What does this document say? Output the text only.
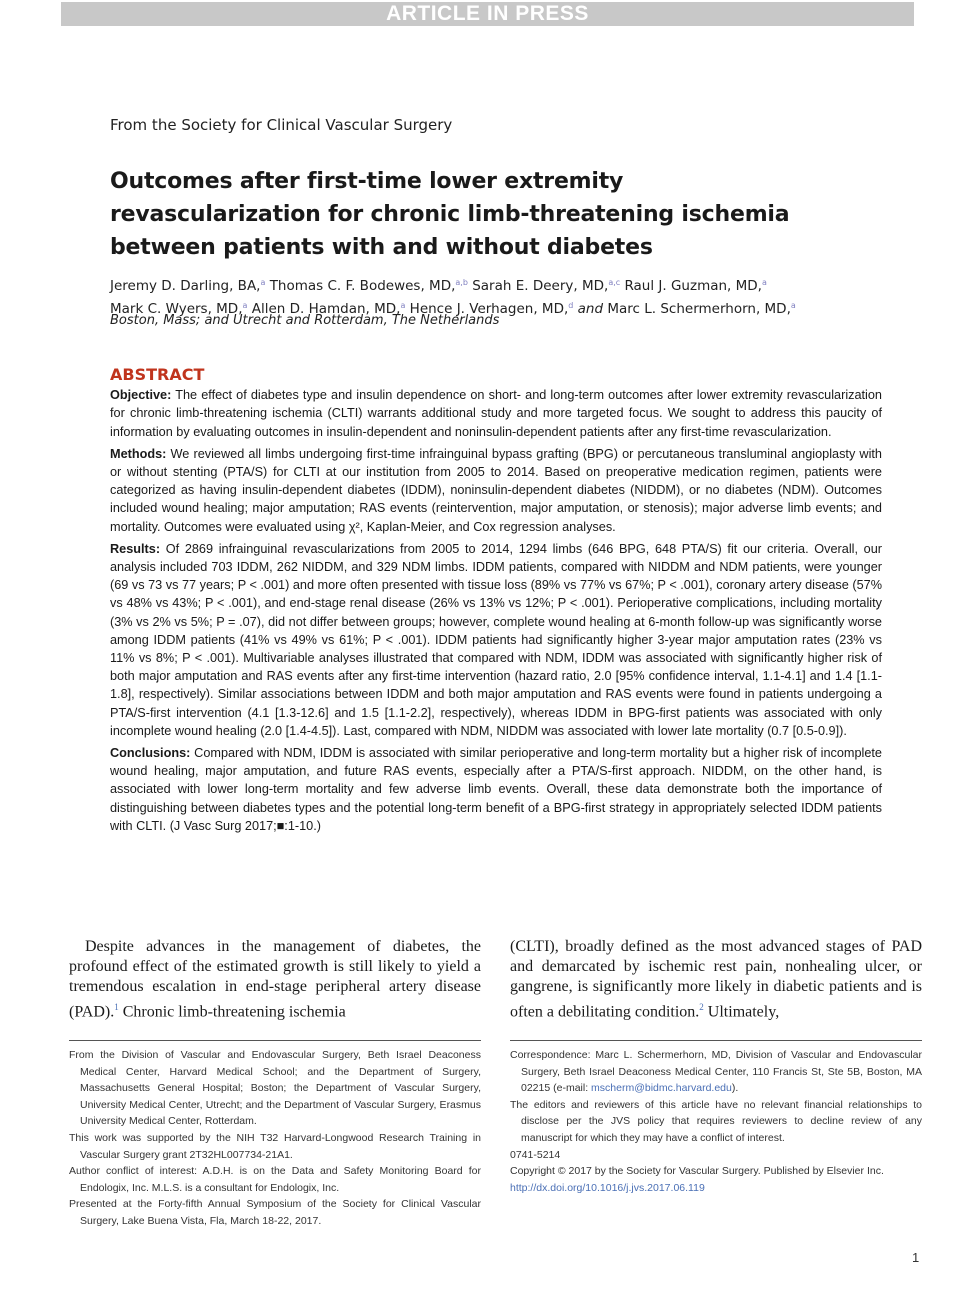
ARTICLE IN PRESS
From the Society for Clinical Vascular Surgery
Outcomes after first-time lower extremity revascularization for chronic limb-threatening ischemia between patients with and without diabetes
Jeremy D. Darling, BA,$^a$ Thomas C. F. Bodewes, MD,$^{a,b}$ Sarah E. Deery, MD,$^{a,c}$ Raul J. Guzman, MD,$^a$
Mark C. Wyers, MD,$^a$ Allen D. Hamdan, MD,$^a$ Hence J. Verhagen, MD,$^d$ and Marc L. Schermerhorn, MD,$^a$
Boston, Mass; and Utrecht and Rotterdam, The Netherlands
ABSTRACT

Objective: The effect of diabetes type and insulin dependence on short- and long-term outcomes after lower extremity revascularization for chronic limb-threatening ischemia (CLTI) warrants additional study and more targeted focus. We sought to address this paucity of information by evaluating outcomes in insulin-dependent and noninsulin-dependent patients after any first-time revascularization.

Methods: We reviewed all limbs undergoing first-time infrainguinal bypass grafting (BPG) or percutaneous transluminal angioplasty with or without stenting (PTA/S) for CLTI at our institution from 2005 to 2014. Based on preoperative medication regimen, patients were categorized as having insulin-dependent diabetes (IDDM), noninsulin-dependent diabetes (NIDDM), or no diabetes (NDM). Outcomes included wound healing; major amputation; RAS events (reintervention, major amputation, or stenosis); major adverse limb events; and mortality. Outcomes were evaluated using χ², Kaplan-Meier, and Cox regression analyses.

Results: Of 2869 infrainguinal revascularizations from 2005 to 2014, 1294 limbs (646 BPG, 648 PTA/S) fit our criteria. Overall, our analysis included 703 IDDM, 262 NIDDM, and 329 NDM limbs. IDDM patients, compared with NIDDM and NDM patients, were younger (69 vs 73 vs 77 years; P < .001) and more often presented with tissue loss (89% vs 77% vs 67%; P < .001), coronary artery disease (57% vs 48% vs 43%; P < .001), and end-stage renal disease (26% vs 13% vs 12%; P < .001). Perioperative complications, including mortality (3% vs 2% vs 5%; P = .07), did not differ between groups; however, complete wound healing at 6-month follow-up was significantly worse among IDDM patients (41% vs 49% vs 61%; P < .001). IDDM patients had significantly higher 3-year major amputation rates (23% vs 11% vs 8%; P < .001). Multivariable analyses illustrated that compared with NDM, IDDM was associated with significantly higher risk of both major amputation and RAS events after any first-time intervention (hazard ratio, 2.0 [95% confidence interval, 1.1-4.1] and 1.4 [1.1-1.8], respectively). Similar associations between IDDM and both major amputation and RAS events were found in patients undergoing a PTA/S-first intervention (4.1 [1.3-12.6] and 1.5 [1.1-2.2], respectively), whereas IDDM in BPG-first patients was associated with only incomplete wound healing (2.0 [1.4-4.5]). Last, compared with NDM, NIDDM was associated with lower late mortality (0.7 [0.5-0.9]).

Conclusions: Compared with NDM, IDDM is associated with similar perioperative and long-term mortality but a higher risk of incomplete wound healing, major amputation, and future RAS events, especially after a PTA/S-first approach. NIDDM, on the other hand, is associated with lower long-term mortality and few adverse limb events. Overall, these data demonstrate both the importance of distinguishing between diabetes types and the potential long-term benefit of a BPG-first strategy in appropriately selected IDDM patients with CLTI. (J Vasc Surg 2017;■:1-10.)

Despite advances in the management of diabetes, the profound effect of the estimated growth is still likely to yield a tremendous escalation in end-stage peripheral artery disease (PAD).$^1$ Chronic limb-threatening ischemia
(CLTI), broadly defined as the most advanced stages of PAD and demarcated by ischemic rest pain, nonhealing ulcer, or gangrene, is significantly more likely in diabetic patients and is often a debilitating condition.$^2$ Ultimately,

From the Division of Vascular and Endovascular Surgery, Beth Israel Deaconess Medical Center, Harvard Medical School; and the Department of Surgery, Massachusetts General Hospital; Boston; the Department of Vascular Surgery, University Medical Center, Utrecht; and the Department of Vascular Surgery, Erasmus University Medical Center, Rotterdam.

This work was supported by the NIH T32 Harvard-Longwood Research Training in Vascular Surgery grant 2T32HL007734-21A1.

Author conflict of interest: A.D.H. is on the Data and Safety Monitoring Board for Endologix, Inc. M.L.S. is a consultant for Endologix, Inc.

Presented at the Forty-fifth Annual Symposium of the Society for Clinical Vascular Surgery, Lake Buena Vista, Fla, March 18-22, 2017.

Correspondence: Marc L. Schermerhorn, MD, Division of Vascular and Endovascular Surgery, Beth Israel Deaconess Medical Center, 110 Francis St, Ste 5B, Boston, MA 02215 (e-mail: mscherm@bidmc.harvard.edu).

The editors and reviewers of this article have no relevant financial relationships to disclose per the JVS policy that requires reviewers to decline review of any manuscript for which they may have a conflict of interest.

0741-5214

Copyright © 2017 by the Society for Vascular Surgery. Published by Elsevier Inc.

http://dx.doi.org/10.1016/j.jvs.2017.06.119

1
